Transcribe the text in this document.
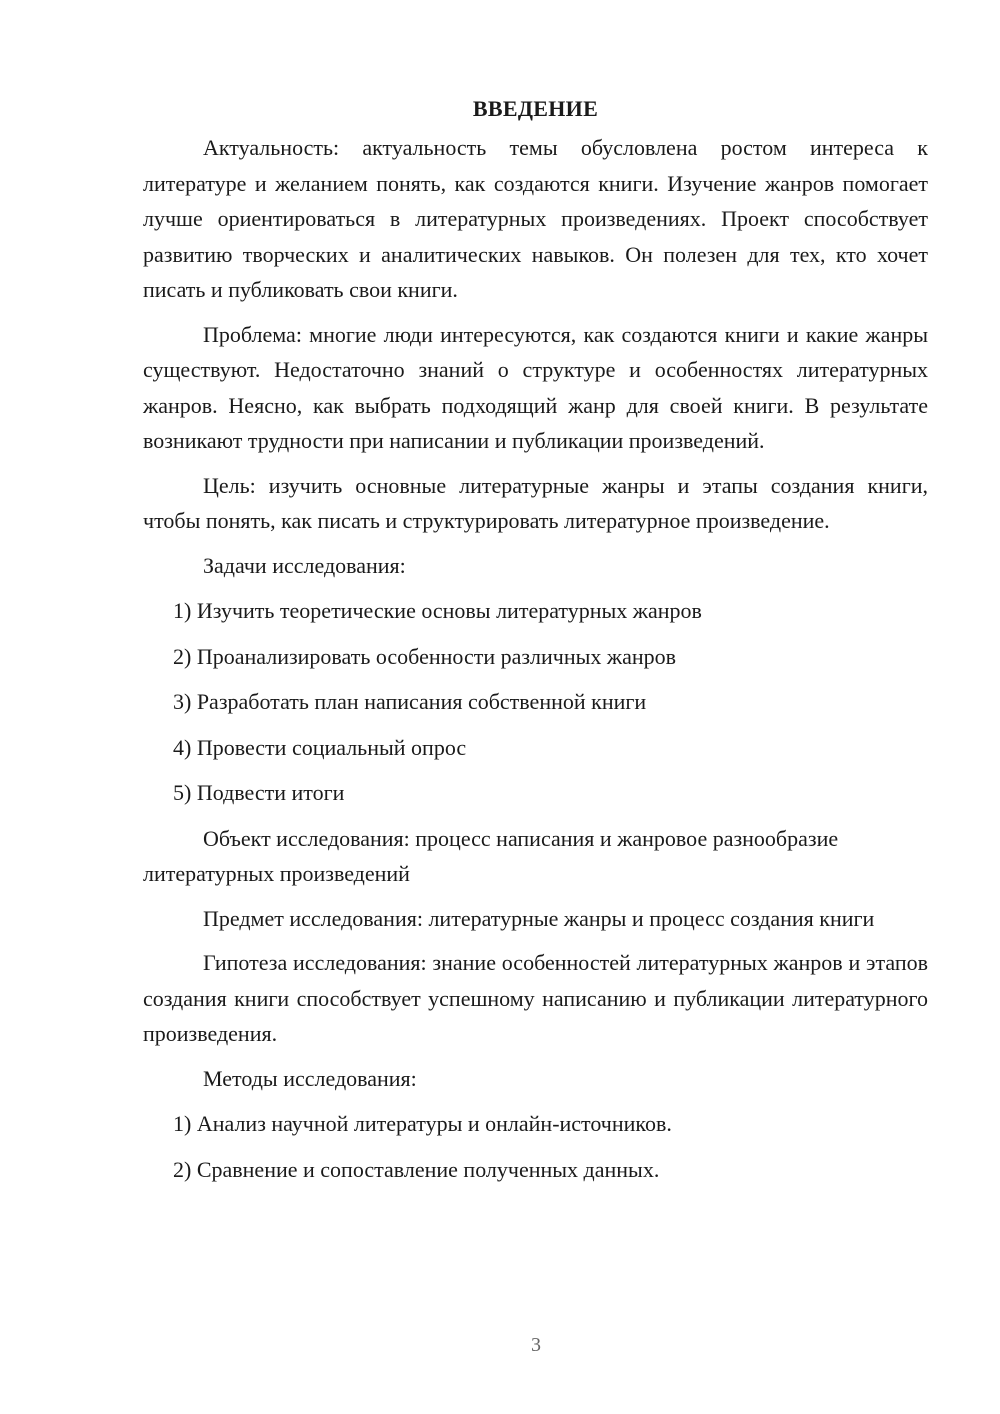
ВВЕДЕНИЕ

Актуальность: актуальность темы обусловлена ростом интереса к литературе и желанием понять, как создаются книги. Изучение жанров помогает лучше ориентироваться в литературных произведениях. Проект способствует развитию творческих и аналитических навыков. Он полезен для тех, кто хочет писать и публиковать свои книги.

Проблема: многие люди интересуются, как создаются книги и какие жанры существуют. Недостаточно знаний о структуре и особенностях литературных жанров. Неясно, как выбрать подходящий жанр для своей книги. В результате возникают трудности при написании и публикации произведений.

Цель: изучить основные литературные жанры и этапы создания книги, чтобы понять, как писать и структурировать литературное произведение.

Задачи исследования:

1) Изучить теоретические основы литературных жанров

2) Проанализировать особенности различных жанров

3) Разработать план написания собственной книги

4) Провести социальный опрос

5) Подвести итоги

Объект исследования: процесс написания и жанровое разнообразие литературных произведений

Предмет исследования: литературные жанры и процесс создания книги

Гипотеза исследования: знание особенностей литературных жанров и этапов создания книги способствует успешному написанию и публикации литературного произведения.

Методы исследования:

1) Анализ научной литературы и онлайн-источников.

2) Сравнение и сопоставление полученных данных.

3
